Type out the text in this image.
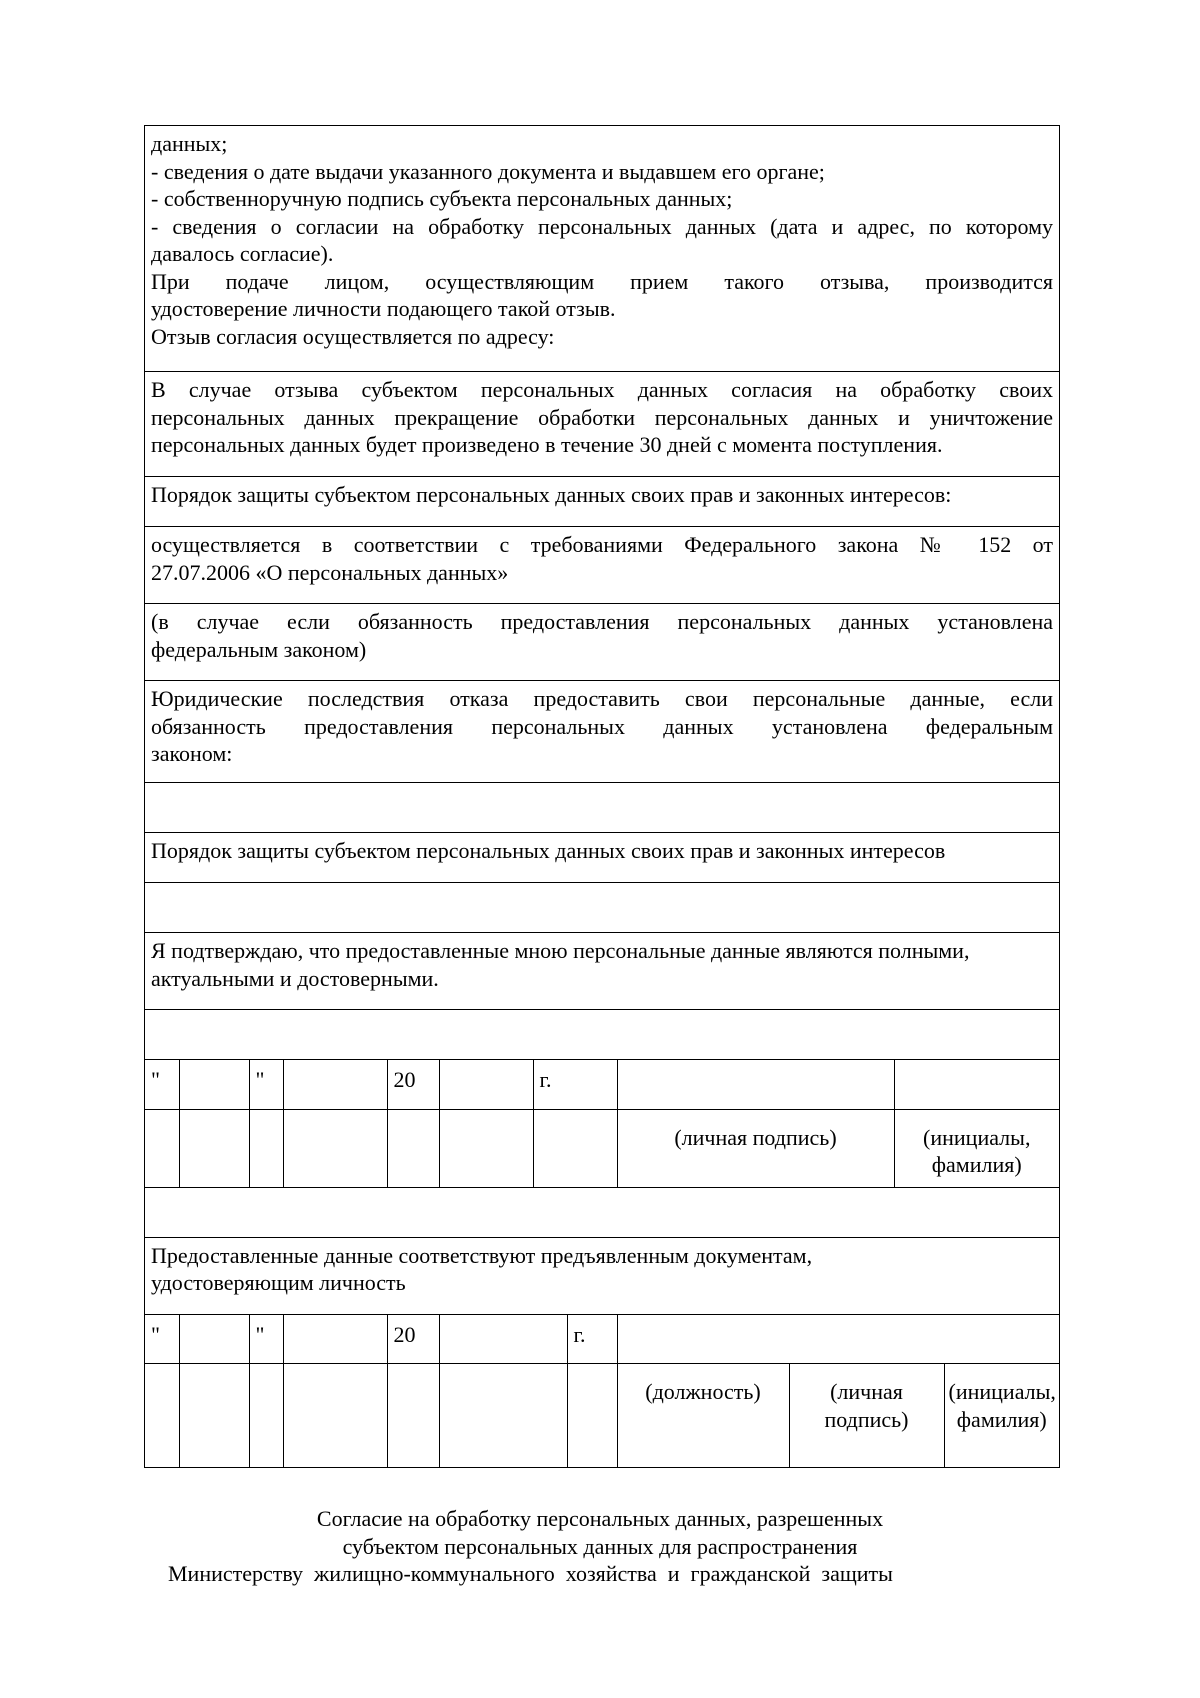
данных;
- сведения о дате выдачи указанного документа и выдавшем его органе;
- собственноручную подпись субъекта персональных данных;
- сведения о согласии на обработку персональных данных (дата и адрес, по которому
давалось согласие).
При подаче лицом, осуществляющим прием такого отзыва, производится
удостоверение личности подающего такой отзыв.
Отзыв согласия осуществляется по адресу:
В случае отзыва субъектом персональных данных согласия на обработку своих
персональных данных прекращение обработки персональных данных и уничтожение
персональных данных будет произведено в течение 30 дней с момента поступления.
Порядок защиты субъектом персональных данных своих прав и законных интересов:
осуществляется в соответствии с требованиями Федерального закона № 152 от
27.07.2006 «О персональных данных»
(в случае если обязанность предоставления персональных данных установлена
федеральным законом)
Юридические последствия отказа предоставить свои персональные данные, если
обязанность предоставления персональных данных установлена федеральным
законом:
Порядок защиты субъектом персональных данных своих прав и законных интересов
Я подтверждаю, что предоставленные мною персональные данные являются полными,
актуальными и достоверными.
"		"		20		г.		
							(личная подпись)	(инициалы, фамилия)
Предоставленные данные соответствуют предъявленным документам,
удостоверяющим личность
"		"		20		г.			
							(должность)	(личная подпись)	(инициалы, фамилия)
Согласие на обработку персональных данных, разрешенных
субъектом персональных данных для распространения
Министерству  жилищно-коммунального  хозяйства  и  гражданской  защиты
